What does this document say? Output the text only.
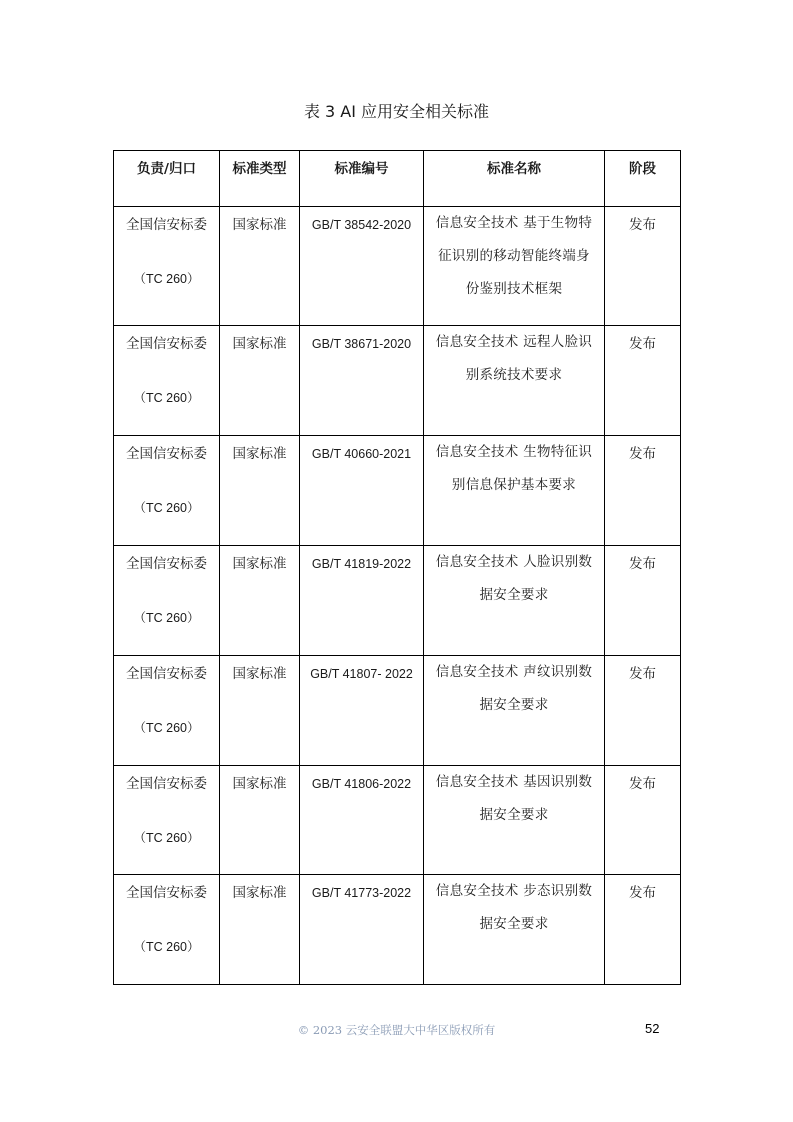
表 3 AI 应用安全相关标准
负责/归口	标准类型	标准编号	标准名称	阶段

全国信安标委
（TC 260）	国家标准	GB/T 38542-2020	信息安全技术 基于生物特征识别的移动智能终端身份鉴别技术框架	发布

全国信安标委
（TC 260）	国家标准	GB/T 38671-2020	信息安全技术 远程人脸识别系统技术要求	发布

全国信安标委
（TC 260）	国家标准	GB/T 40660-2021	信息安全技术 生物特征识别信息保护基本要求	发布

全国信安标委
（TC 260）	国家标准	GB/T 41819-2022	信息安全技术 人脸识别数据安全要求	发布

全国信安标委
（TC 260）	国家标准	GB/T 41807- 2022	信息安全技术 声纹识别数据安全要求	发布

全国信安标委
（TC 260）	国家标准	GB/T 41806-2022	信息安全技术 基因识别数据安全要求	发布

全国信安标委
（TC 260）	国家标准	GB/T 41773-2022	信息安全技术 步态识别数据安全要求	发布
© 2023 云安全联盟大中华区版权所有	52
